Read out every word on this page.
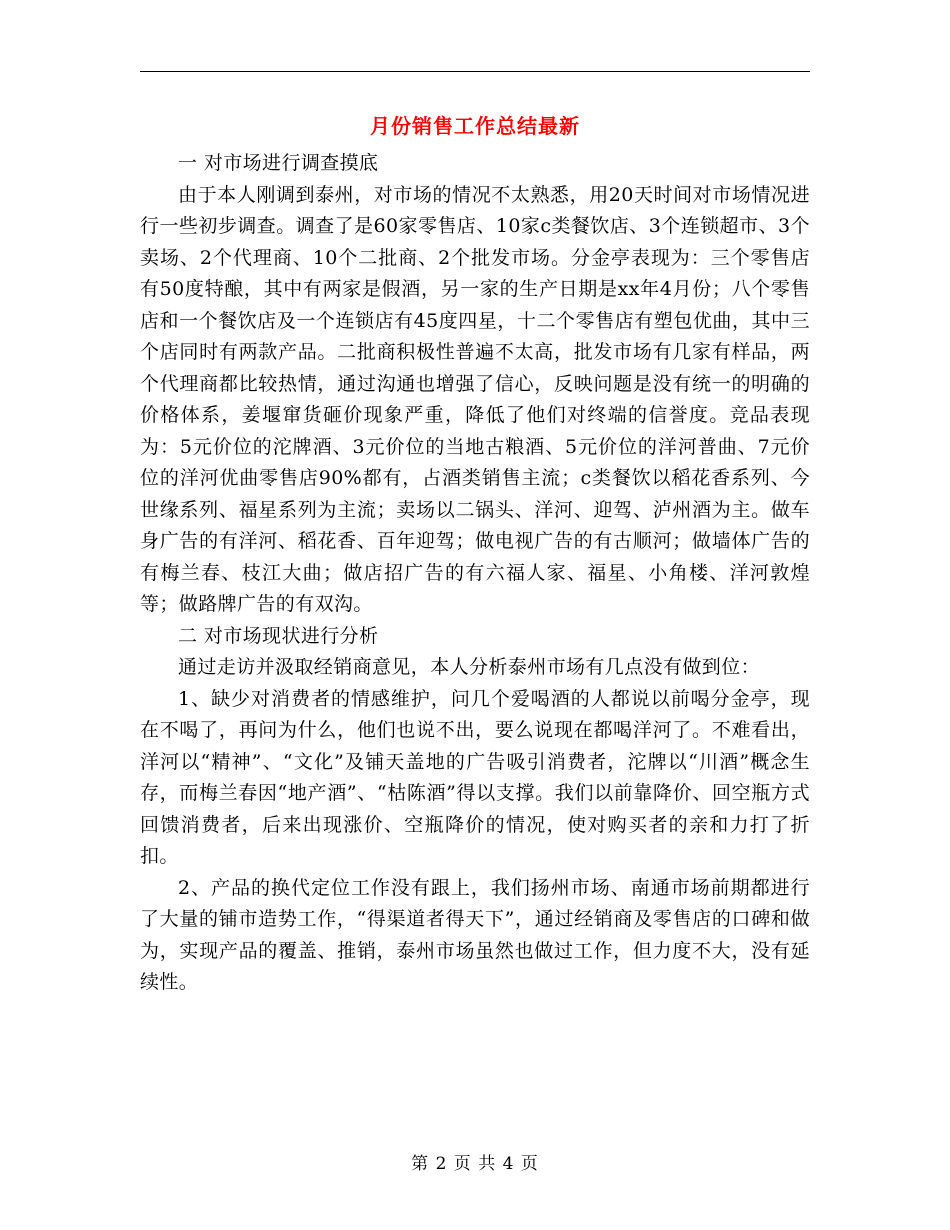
月份销售工作总结最新

一 对市场进行调查摸底

由于本人刚调到泰州，对市场的情况不太熟悉，用20天时间对市场情况进行一些初步调查。调查了是60家零售店、10家c类餐饮店、3个连锁超市、3个卖场、2个代理商、10个二批商、2个批发市场。分金亭表现为：三个零售店有50度特酿，其中有两家是假酒，另一家的生产日期是xx年4月份；八个零售店和一个餐饮店及一个连锁店有45度四星，十二个零售店有塑包优曲，其中三个店同时有两款产品。二批商积极性普遍不太高，批发市场有几家有样品，两个代理商都比较热情，通过沟通也增强了信心，反映问题是没有统一的明确的价格体系，姜堰窜货砸价现象严重，降低了他们对终端的信誉度。竞品表现为：5元价位的沱牌酒、3元价位的当地古粮酒、5元价位的洋河普曲、7元价位的洋河优曲零售店90%都有，占酒类销售主流；c类餐饮以稻花香系列、今世缘系列、福星系列为主流；卖场以二锅头、洋河、迎驾、泸州酒为主。做车身广告的有洋河、稻花香、百年迎驾；做电视广告的有古顺河；做墙体广告的有梅兰春、枝江大曲；做店招广告的有六福人家、福星、小角楼、洋河敦煌等；做路牌广告的有双沟。

二 对市场现状进行分析

通过走访并汲取经销商意见，本人分析泰州市场有几点没有做到位：

1、缺少对消费者的情感维护，问几个爱喝酒的人都说以前喝分金亭，现在不喝了，再问为什么，他们也说不出，要么说现在都喝洋河了。不难看出，洋河以“精神”、“文化”及铺天盖地的广告吸引消费者，沱牌以“川酒”概念生存，而梅兰春因“地产酒”、“枯陈酒”得以支撑。我们以前靠降价、回空瓶方式回馈消费者，后来出现涨价、空瓶降价的情况，使对购买者的亲和力打了折扣。

2、产品的换代定位工作没有跟上，我们扬州市场、南通市场前期都进行了大量的铺市造势工作，“得渠道者得天下”，通过经销商及零售店的口碑和做为，实现产品的覆盖、推销，泰州市场虽然也做过工作，但力度不大，没有延续性。

第 2 页 共 4 页
